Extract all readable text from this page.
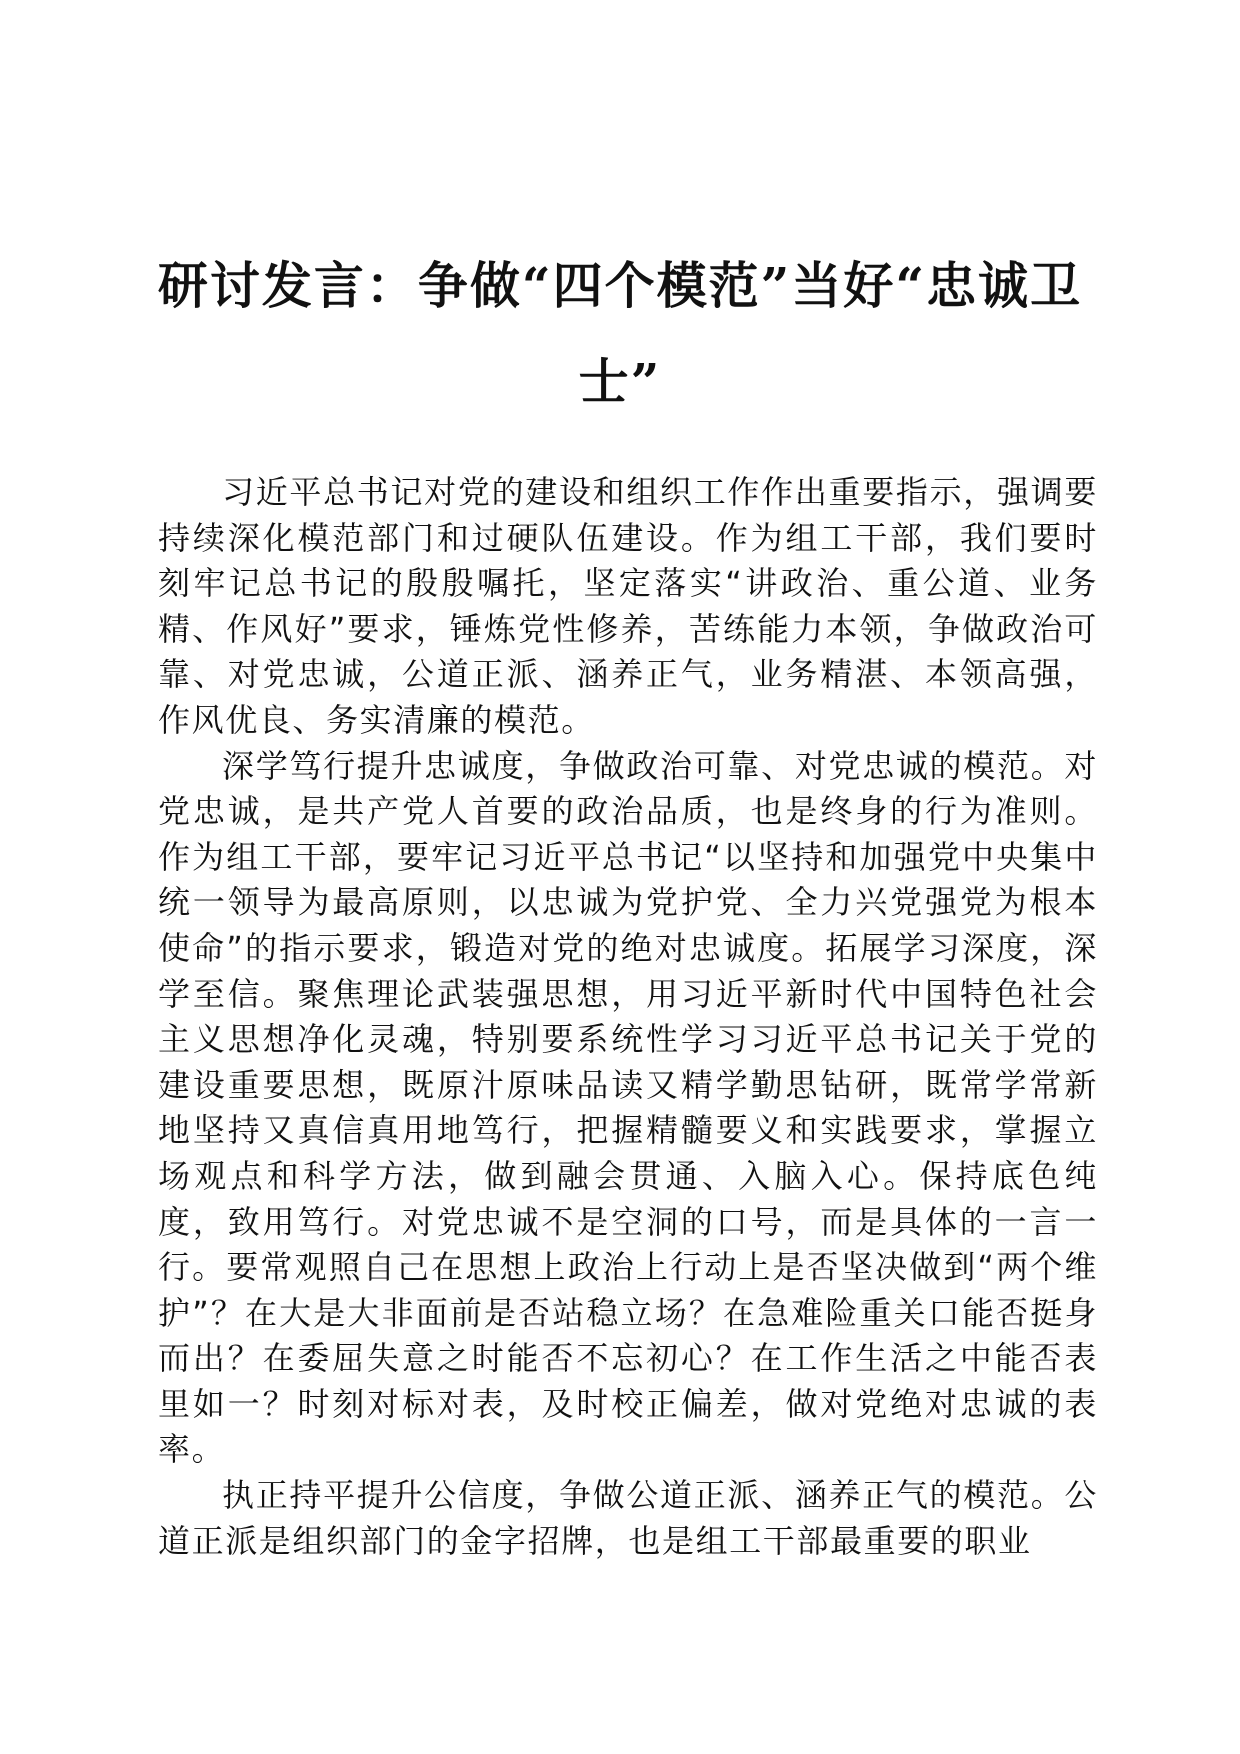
研讨发言：争做“四个模范”当好“忠诚卫士”

习近平总书记对党的建设和组织工作作出重要指示，强调要持续深化模范部门和过硬队伍建设。作为组工干部，我们要时刻牢记总书记的殷殷嘱托，坚定落实“讲政治、重公道、业务精、作风好”要求，锤炼党性修养，苦练能力本领，争做政治可靠、对党忠诚，公道正派、涵养正气，业务精湛、本领高强，作风优良、务实清廉的模范。

深学笃行提升忠诚度，争做政治可靠、对党忠诚的模范。对党忠诚，是共产党人首要的政治品质，也是终身的行为准则。作为组工干部，要牢记习近平总书记“以坚持和加强党中央集中统一领导为最高原则，以忠诚为党护党、全力兴党强党为根本使命”的指示要求，锻造对党的绝对忠诚度。拓展学习深度，深学至信。聚焦理论武装强思想，用习近平新时代中国特色社会主义思想净化灵魂，特别要系统性学习习近平总书记关于党的建设重要思想，既原汁原味品读又精学勤思钻研，既常学常新地坚持又真信真用地笃行，把握精髓要义和实践要求，掌握立场观点和科学方法，做到融会贯通、入脑入心。保持底色纯度，致用笃行。对党忠诚不是空洞的口号，而是具体的一言一行。要常观照自己在思想上政治上行动上是否坚决做到“两个维护”？在大是大非面前是否站稳立场？在急难险重关口能否挺身而出？在委屈失意之时能否不忘初心？在工作生活之中能否表里如一？时刻对标对表，及时校正偏差，做对党绝对忠诚的表率。

执正持平提升公信度，争做公道正派、涵养正气的模范。公道正派是组织部门的金字招牌，也是组工干部最重要的职业
